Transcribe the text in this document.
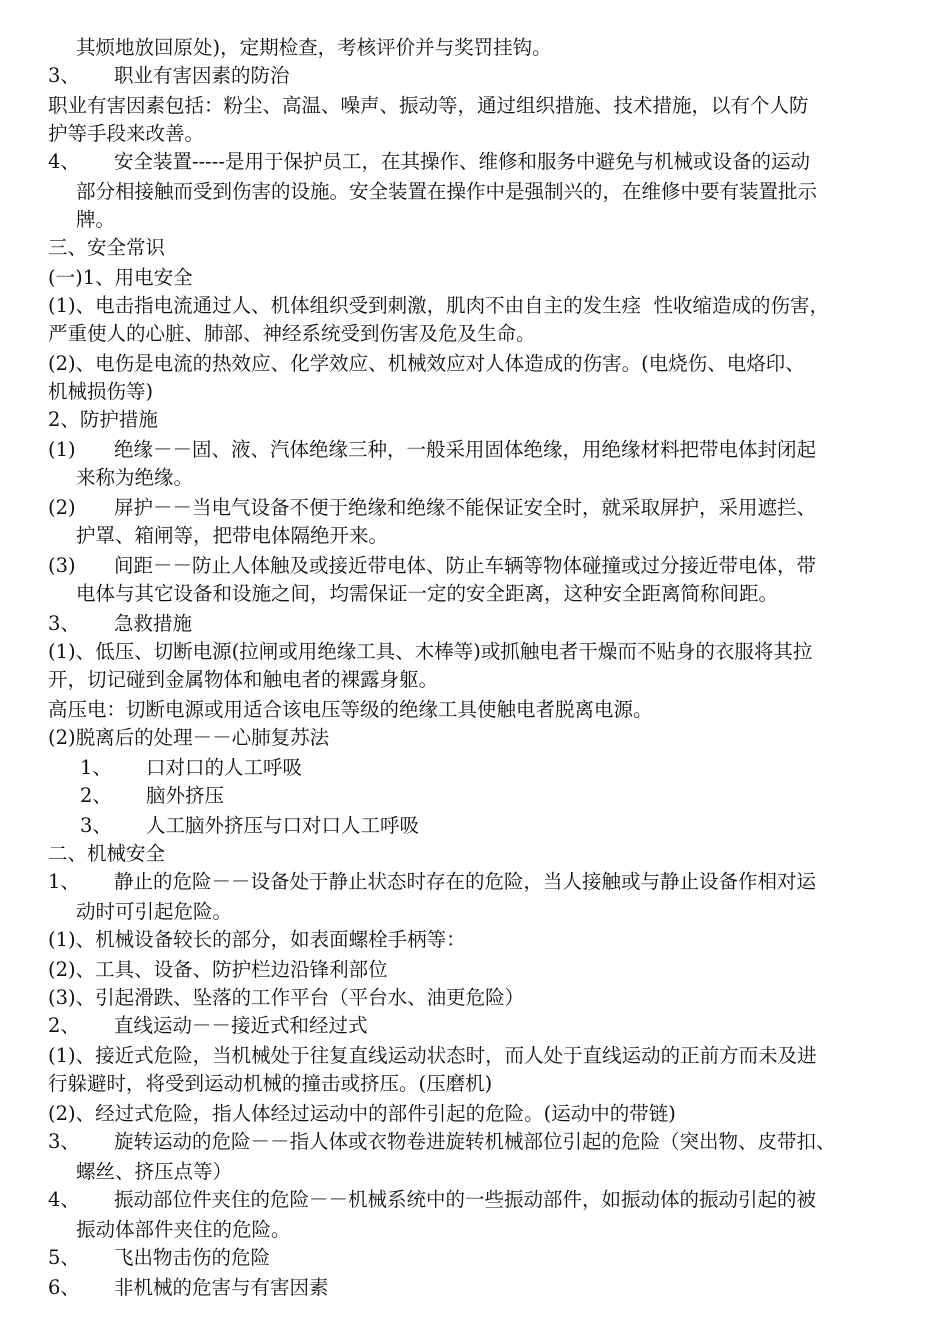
其烦地放回原处)，定期检查，考核评价并与奖罚挂钩。
3、 职业有害因素的防治
职业有害因素包括：粉尘、高温、噪声、振动等，通过组织措施、技术措施，以有个人防
护等手段来改善。
4、 安全装置-----是用于保护员工，在其操作、维修和服务中避免与机械或设备的运动
部分相接触而受到伤害的设施。安全装置在操作中是强制兴的，在维修中要有装置批示
牌。
三、安全常识
(一)1、用电安全
(1)、电击指电流通过人、机体组织受到刺激，肌肉不由自主的发生痉  性收缩造成的伤害，
严重使人的心脏、肺部、神经系统受到伤害及危及生命。
(2)、电伤是电流的热效应、化学效应、机械效应对人体造成的伤害。(电烧伤、电烙印、
机械损伤等)
2、防护措施
(1) 绝缘－－固、液、汽体绝缘三种，一般采用固体绝缘，用绝缘材料把带电体封闭起
来称为绝缘。
(2) 屏护－－当电气设备不便于绝缘和绝缘不能保证安全时，就采取屏护，采用遮拦、
护罩、箱闸等，把带电体隔绝开来。
(3) 间距－－防止人体触及或接近带电体、防止车辆等物体碰撞或过分接近带电体，带
电体与其它设备和设施之间，均需保证一定的安全距离，这种安全距离简称间距。
3、 急救措施
(1)、低压、切断电源(拉闸或用绝缘工具、木棒等)或抓触电者干燥而不贴身的衣服将其拉
开，切记碰到金属物体和触电者的裸露身躯。
高压电：切断电源或用适合该电压等级的绝缘工具使触电者脱离电源。
(2)脱离后的处理－－心肺复苏法
1、 口对口的人工呼吸
2、 脑外挤压
3、 人工脑外挤压与口对口人工呼吸
二、机械安全
1、 静止的危险－－设备处于静止状态时存在的危险，当人接触或与静止设备作相对运
动时可引起危险。
(1)、机械设备较长的部分，如表面螺栓手柄等：
(2)、工具、设备、防护栏边沿锋利部位
(3)、引起滑跌、坠落的工作平台（平台水、油更危险）
2、 直线运动－－接近式和经过式
(1)、接近式危险，当机械处于往复直线运动状态时，而人处于直线运动的正前方而未及进
行躲避时，将受到运动机械的撞击或挤压。(压磨机)
(2)、经过式危险，指人体经过运动中的部件引起的危险。(运动中的带链)
3、 旋转运动的危险－－指人体或衣物卷进旋转机械部位引起的危险（突出物、皮带扣、
螺丝、挤压点等）
4、 振动部位件夹住的危险－－机械系统中的一些振动部件，如振动体的振动引起的被
振动体部件夹住的危险。
5、 飞出物击伤的危险
6、 非机械的危害与有害因素
